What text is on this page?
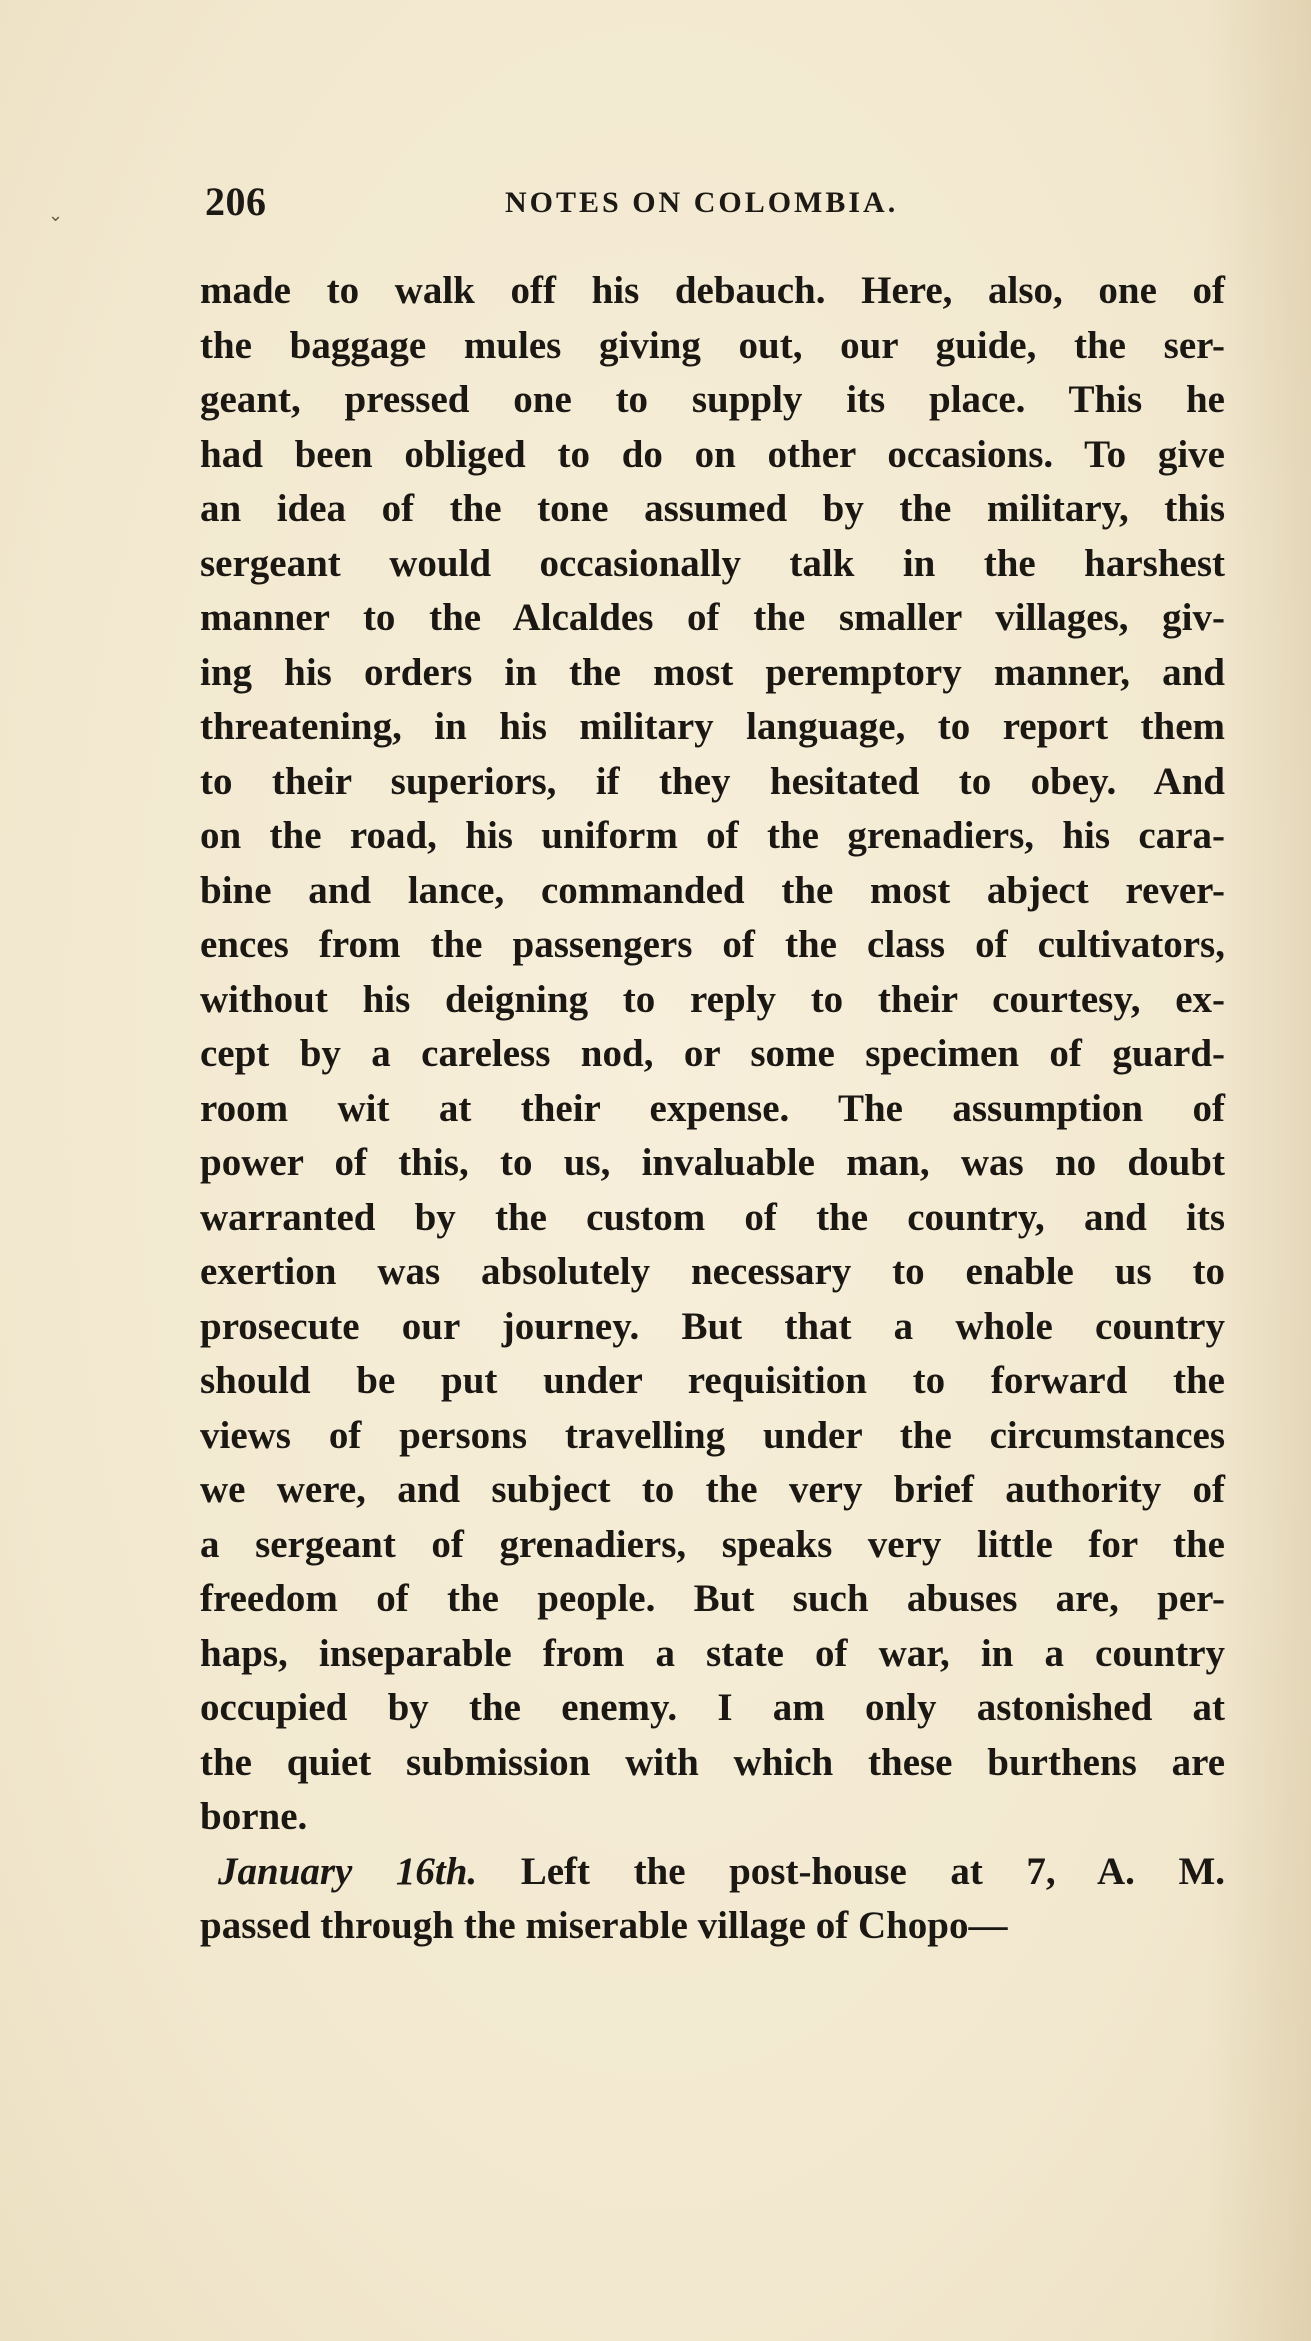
⌄	206	NOTES ON COLOMBIA.
made to walk off his debauch. Here, also, one of
the baggage mules giving out, our guide, the ser-
geant, pressed one to supply its place. This he
had been obliged to do on other occasions. To give
an idea of the tone assumed by the military, this
sergeant would occasionally talk in the harshest
manner to the Alcaldes of the smaller villages, giv-
ing his orders in the most peremptory manner, and
threatening, in his military language, to report them
to their superiors, if they hesitated to obey. And
on the road, his uniform of the grenadiers, his cara-
bine and lance, commanded the most abject rever-
ences from the passengers of the class of cultivators,
without his deigning to reply to their courtesy, ex-
cept by a careless nod, or some specimen of guard-
room wit at their expense. The assumption of
power of this, to us, invaluable man, was no doubt
warranted by the custom of the country, and its
exertion was absolutely necessary to enable us to
prosecute our journey. But that a whole country
should be put under requisition to forward the
views of persons travelling under the circumstances
we were, and subject to the very brief authority of
a sergeant of grenadiers, speaks very little for the
freedom of the people. But such abuses are, per-
haps, inseparable from a state of war, in a country
occupied by the enemy. I am only astonished at
the quiet submission with which these burthens are
borne.
January 16th. Left the post-house at 7, A. M.
passed through the miserable village of Chopo—
